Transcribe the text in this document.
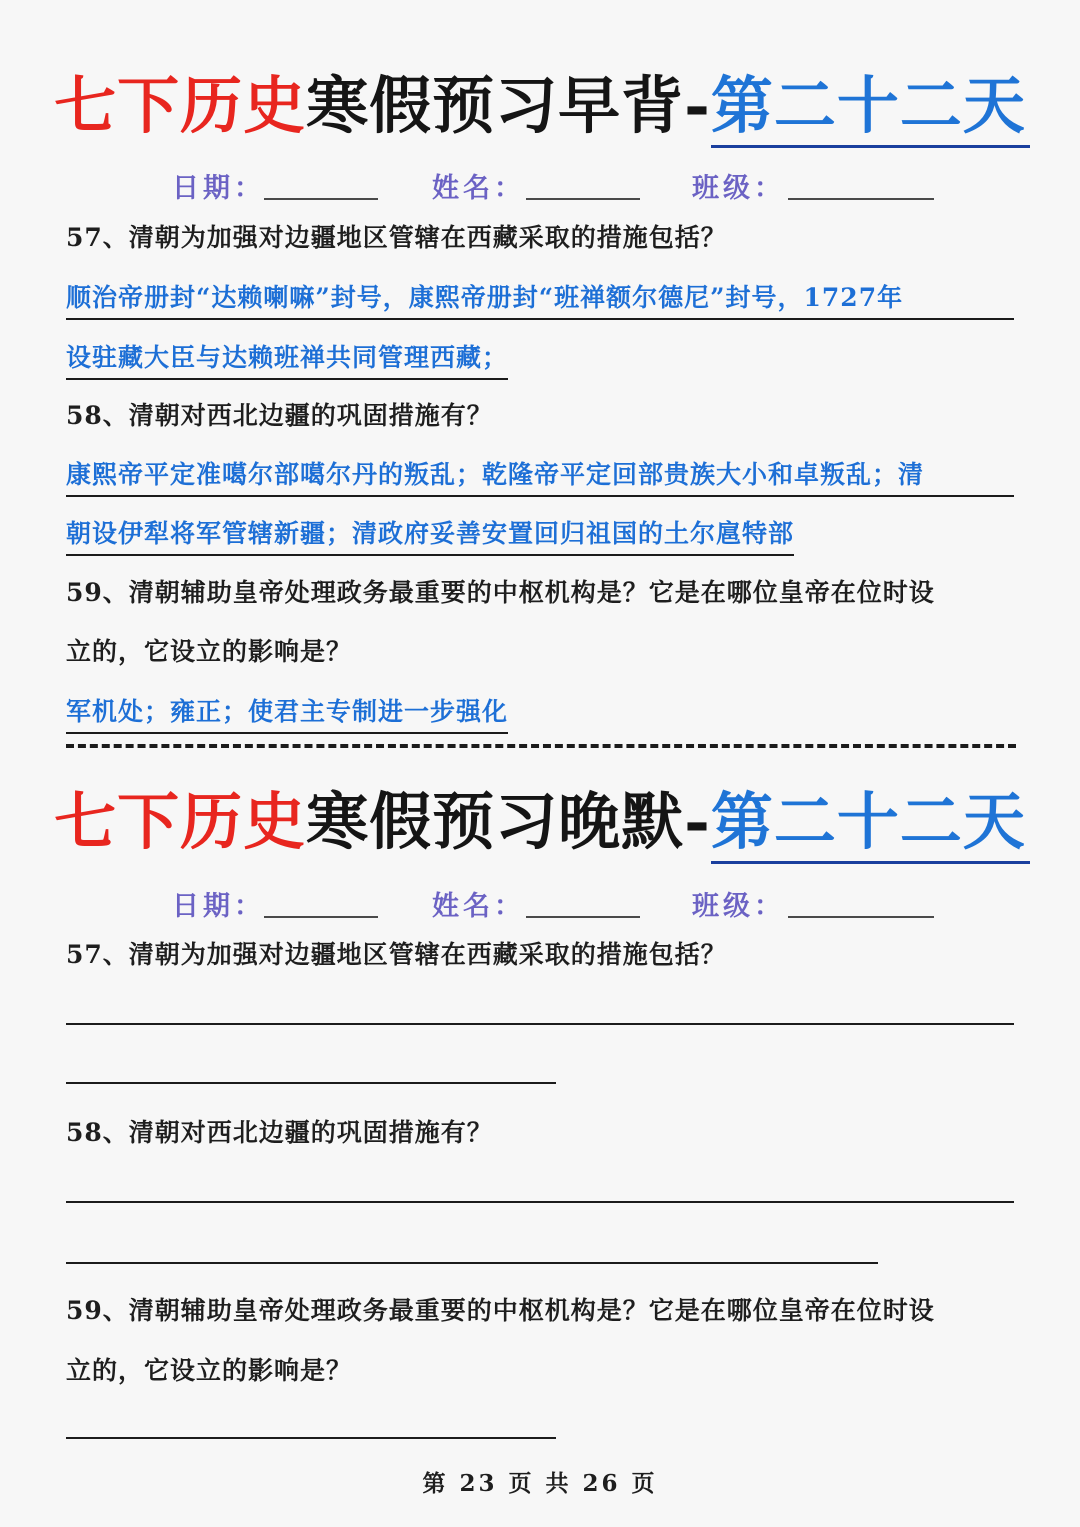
七下历史寒假预习早背-第二十二天
日期：	姓名：	班级：
57、清朝为加强对边疆地区管辖在西藏采取的措施包括？
顺治帝册封“达赖喇嘛”封号，康熙帝册封“班禅额尔德尼”封号，1727年
设驻藏大臣与达赖班禅共同管理西藏；
58、清朝对西北边疆的巩固措施有？
康熙帝平定准噶尔部噶尔丹的叛乱；乾隆帝平定回部贵族大小和卓叛乱；清
朝设伊犁将军管辖新疆；清政府妥善安置回归祖国的土尔扈特部
59、清朝辅助皇帝处理政务最重要的中枢机构是？它是在哪位皇帝在位时设
立的，它设立的影响是？
军机处；雍正；使君主专制进一步强化
七下历史寒假预习晚默-第二十二天
日期：	姓名：	班级：
57、清朝为加强对边疆地区管辖在西藏采取的措施包括？
58、清朝对西北边疆的巩固措施有？
59、清朝辅助皇帝处理政务最重要的中枢机构是？它是在哪位皇帝在位时设
立的，它设立的影响是？
第 23 页 共 26 页
